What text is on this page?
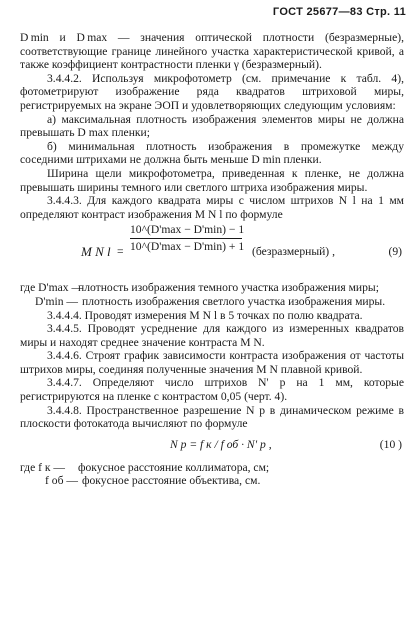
ГОСТ 25677—83 Стр. 11

D min и D max — значения оптической плотности (безразмерные), соответствующие границе линейного участка характеристической кривой, а также коэффициент контрастности пленки γ (безразмерный).

3.4.4.2. Используя микрофотометр (см. примечание к табл. 4), фотометрируют изображение ряда квадратов штриховой миры, регистрируемых на экране ЭОП и удовлетворяющих следующим условиям:

а) максимальная плотность изображения элементов миры не должна превышать D max пленки;

б) минимальная плотность изображения в промежутке между соседними штрихами не должна быть меньше D min пленки.

Ширина щели микрофотометра, приведенная к пленке, не должна превышать ширины темного или светлого штриха изображения миры.

3.4.4.3. Для каждого квадрата миры с числом штрихов N l на 1 мм определяют контраст изображения M N l по формуле

M N l =
10^(D'max − D'min) − 1
10^(D'max − D'min) + 1 (безразмерный) ,	(9)
где D'max —
плотность изображения темного участка изображения миры;
D'min — плотность изображения светлого участка изображения миры.

3.4.4.4. Проводят измерения M N l в 5 точках по полю квадрата.

3.4.4.5. Проводят усреднение для каждого из измеренных квадратов миры и находят среднее значение контраста M N.

3.4.4.6. Строят график зависимости контраста изображения от частоты штрихов миры, соединяя полученные значения M N плавной кривой.

3.4.4.7. Определяют число штрихов N' р на 1 мм, которые регистрируются на пленке с контрастом 0,05 (черт. 4).

3.4.4.8. Пространственное разрешение N р в динамическом режиме в плоскости фотокатода вычисляют по формуле

N р = f к / f об · N' р ,	(10 )
где f к —	фокусное расстояние коллиматора, см;
f об — фокусное расстояние объектива, см.
